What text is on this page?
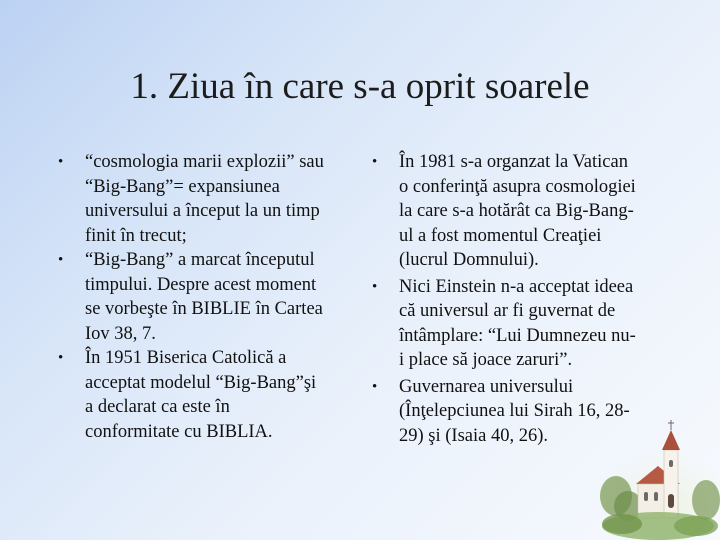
1. Ziua în care s-a oprit soarele
• “cosmologia marii explozii” sau
“Big-Bang”= expansiunea
universului a început la un timp
finit în trecut;
• “Big-Bang” a marcat începutul
timpului. Despre acest moment
se vorbeşte în BIBLIE în Cartea
Iov 38, 7.
• În 1951 Biserica Catolică a
acceptat modelul “Big-Bang”şi
a declarat ca este în
conformitate cu BIBLIA.
• În 1981 s-a organzat la Vatican
o conferinţă asupra cosmologiei
la care s-a hotărât ca Big-Bang-
ul a fost momentul Creaţiei
(lucrul Domnului).
• Nici Einstein n-a acceptat ideea
că universul ar fi guvernat de
întâmplare: “Lui Dumnezeu nu-
i place să joace zaruri”.
• Guvernarea universului
(Înţelepciunea lui Sirah 16, 28-
29) şi (Isaia 40, 26).
